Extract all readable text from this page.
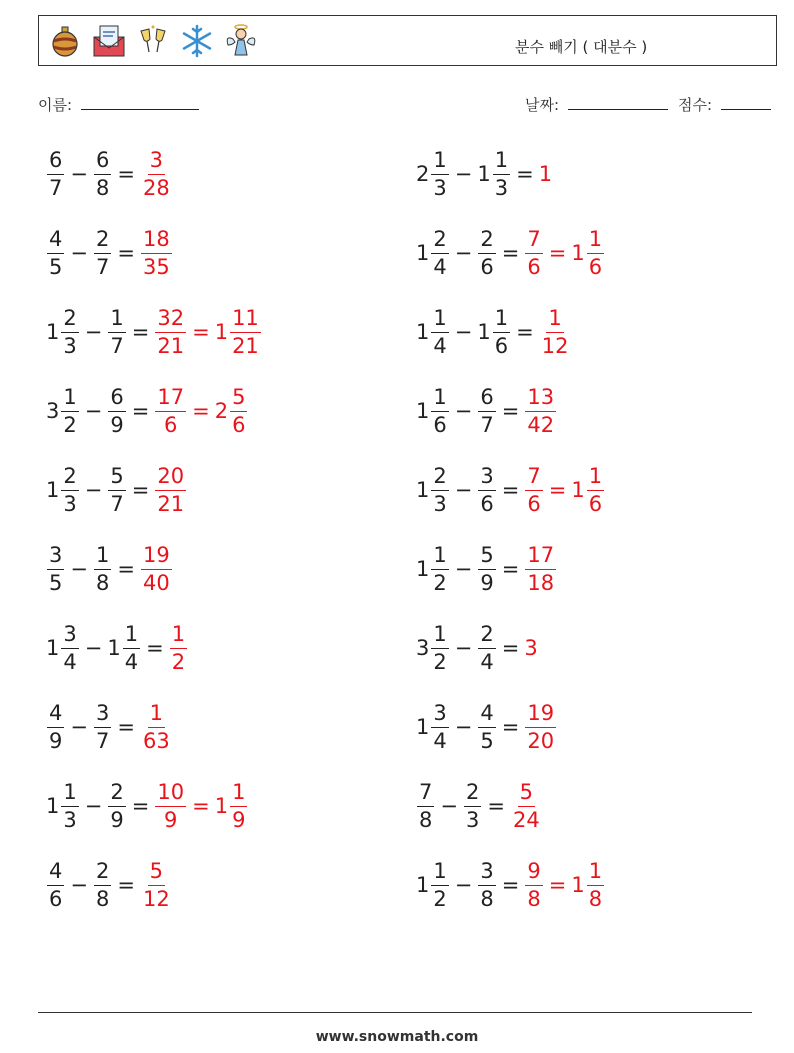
분수 빼기 ( 대분수 )
이름:	날짜:	점수:
$\frac{6}{7} - \frac{6}{8} = \frac{3}{28}$
$\frac{4}{5} - \frac{2}{7} = \frac{18}{35}$
$1 \frac{2}{3} - \frac{1}{7} = \frac{32}{21} = 1 \frac{11}{21}$
$3 \frac{1}{2} - \frac{6}{9} = \frac{17}{6} = 2 \frac{5}{6}$
$1 \frac{2}{3} - \frac{5}{7} = \frac{20}{21}$
$\frac{3}{5} - \frac{1}{8} = \frac{19}{40}$
$1 \frac{3}{4} - 1 \frac{1}{4} = \frac{1}{2}$
$\frac{4}{9} - \frac{3}{7} = \frac{1}{63}$
$1 \frac{1}{3} - \frac{2}{9} = \frac{10}{9} = 1 \frac{1}{9}$
$\frac{4}{6} - \frac{2}{8} = \frac{5}{12}$
$2 \frac{1}{3} - 1 \frac{1}{3} = 1$
$1 \frac{2}{4} - \frac{2}{6} = \frac{7}{6} = 1 \frac{1}{6}$
$1 \frac{1}{4} - 1 \frac{1}{6} = \frac{1}{12}$
$1 \frac{1}{6} - \frac{6}{7} = \frac{13}{42}$
$1 \frac{2}{3} - \frac{3}{6} = \frac{7}{6} = 1 \frac{1}{6}$
$1 \frac{1}{2} - \frac{5}{9} = \frac{17}{18}$
$3 \frac{1}{2} - \frac{2}{4} = 3$
$1 \frac{3}{4} - \frac{4}{5} = \frac{19}{20}$
$\frac{7}{8} - \frac{2}{3} = \frac{5}{24}$
$1 \frac{1}{2} - \frac{3}{8} = \frac{9}{8} = 1 \frac{1}{8}$
www.snowmath.com
